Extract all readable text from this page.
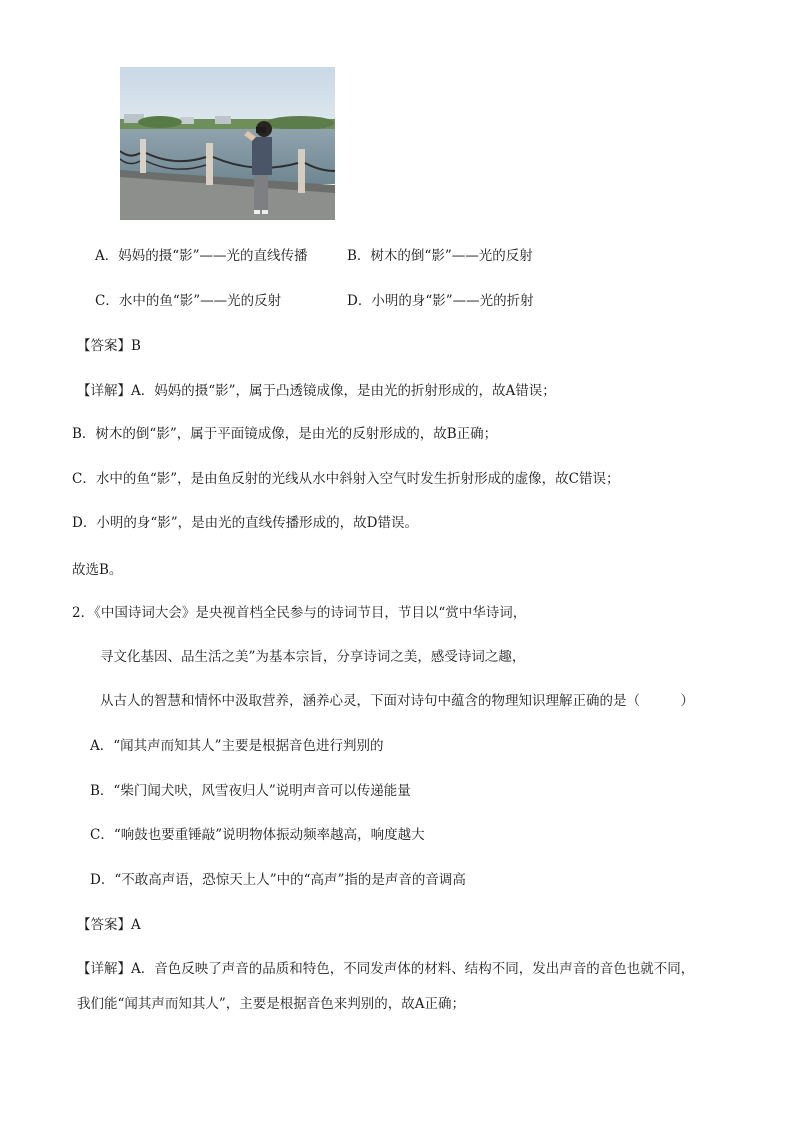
A．妈妈的摄“影”——光的直线传播	B．树木的倒“影”——光的反射
C．水中的鱼“影”——光的反射	D．小明的身“影”——光的折射
【答案】B
【详解】A．妈妈的摄“影”，属于凸透镜成像，是由光的折射形成的，故A错误；
B．树木的倒“影”，属于平面镜成像，是由光的反射形成的，故B正确；
C．水中的鱼“影”，是由鱼反射的光线从水中斜射入空气时发生折射形成的虚像，故C错误；
D．小明的身“影”，是由光的直线传播形成的，故D错误。
故选B。
2．《中国诗词大会》是央视首档全民参与的诗词节目，节目以“赏中华诗词，
寻文化基因、品生活之美”为基本宗旨，分享诗词之美，感受诗词之趣，
从古人的智慧和情怀中汲取营养，涵养心灵，下面对诗句中蕴含的物理知识理解正确的是（　　　）
A．“闻其声而知其人”主要是根据音色进行判别的
B．“柴门闻犬吠，风雪夜归人”说明声音可以传递能量
C．“响鼓也要重锤敲”说明物体振动频率越高，响度越大
D．“不敢高声语，恐惊天上人”中的“高声”指的是声音的音调高
【答案】A
【详解】A．音色反映了声音的品质和特色，不同发声体的材料、结构不同，发出声音的音色也就不同，
我们能“闻其声而知其人”，主要是根据音色来判别的，故A正确；
